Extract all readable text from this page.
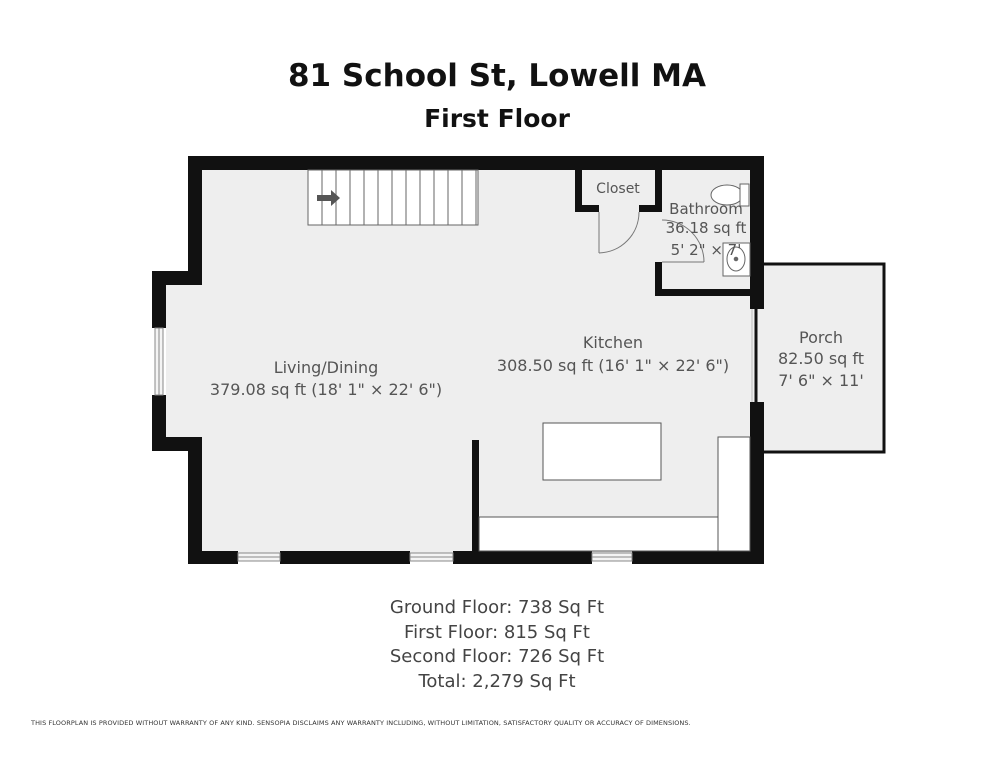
81 School St, Lowell MA
First Floor
Living/Dining
379.08 sq ft (18' 1" × 22' 6")
Kitchen
308.50 sq ft (16' 1" × 22' 6")
Closet
Bathroom
36.18 sq ft
5' 2" × 7'
Porch
82.50 sq ft
7' 6" × 11'
Ground Floor: 738 Sq Ft
First Floor: 815 Sq Ft
Second Floor: 726 Sq Ft
Total: 2,279 Sq Ft
THIS FLOORPLAN IS PROVIDED WITHOUT WARRANTY OF ANY KIND. SENSOPIA DISCLAIMS ANY WARRANTY INCLUDING, WITHOUT LIMITATION, SATISFACTORY QUALITY OR ACCURACY OF DIMENSIONS.
